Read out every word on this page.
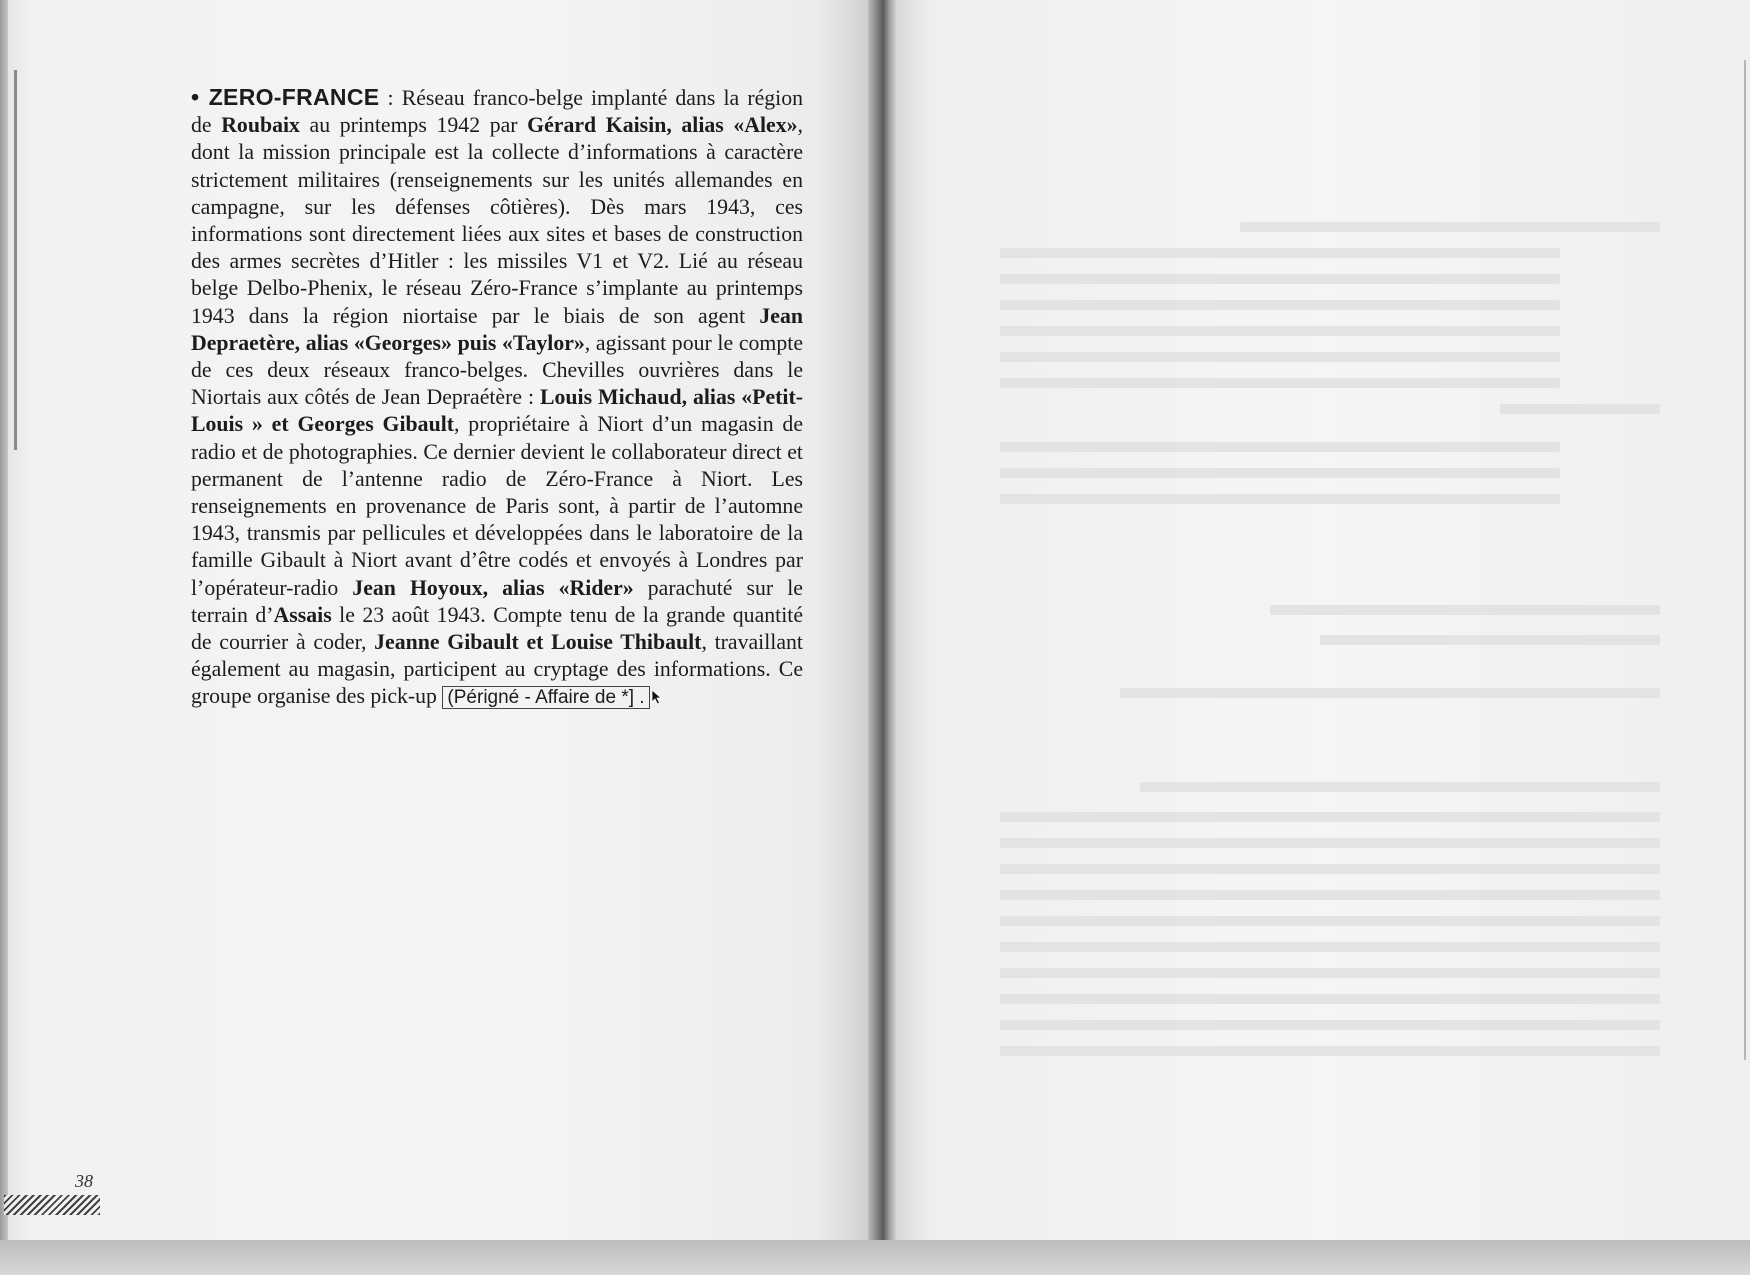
• ZERO-FRANCE : Réseau franco-belge implanté dans la région de Roubaix au printemps 1942 par Gérard Kaisin, alias «Alex», dont la mission principale est la collecte d’informations à caractère strictement militaires (renseignements sur les unités allemandes en campagne, sur les défenses côtières). Dès mars 1943, ces informations sont directement liées aux sites et bases de construction des armes secrètes d’Hitler : les missiles V1 et V2. Lié au réseau belge Delbo-Phenix, le réseau Zéro-France s’implante au printemps 1943 dans la région niortaise par le biais de son agent Jean Depraetère, alias «Georges» puis «Taylor», agissant pour le compte de ces deux réseaux franco-belges. Chevilles ouvrières dans le Niortais aux côtés de Jean Depraétère : Louis Michaud, alias «Petit-Louis » et Georges Gibault, propriétaire à Niort d’un magasin de radio et de photographies. Ce dernier devient le collaborateur direct et permanent de l’antenne radio de Zéro-France à Niort. Les renseignements en provenance de Paris sont, à partir de l’automne 1943, transmis par pellicules et développées dans le laboratoire de la famille Gibault à Niort avant d’être codés et envoyés à Londres par l’opérateur-radio Jean Hoyoux, alias «Rider» parachuté sur le terrain d’Assais le 23 août 1943. Compte tenu de la grande quantité de courrier à coder, Jeanne Gibault et Louise Thibault, travaillant également au magasin, participent au cryptage des informations. Ce groupe organise des pick-up (Périgné - Affaire de *] .
38
